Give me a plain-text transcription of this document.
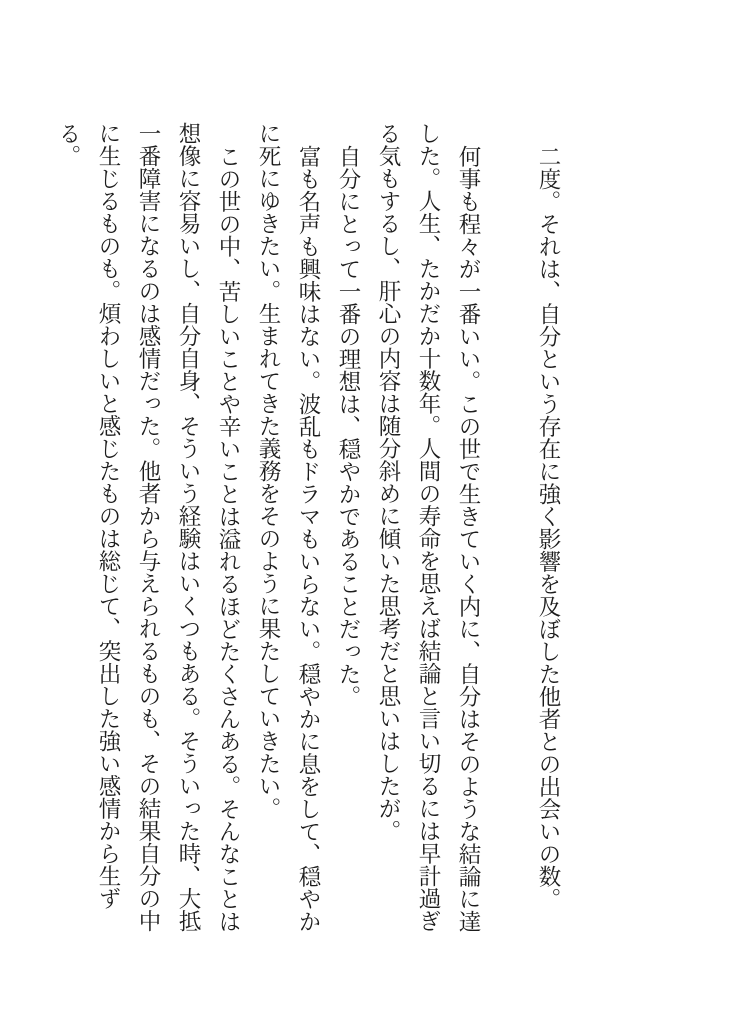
二度。それは、自分という存在に強く影響を及ぼした他者との出会いの数。

何事も程々が一番いい。この世で生きていく内に、自分はそのような結論に達した。人生、たかだか十数年。人間の寿命を思えば結論と言い切るには早計過ぎる気もするし、肝心の内容は随分斜めに傾いた思考だと思いはしたが。

自分にとって一番の理想は、穏やかであることだった。

富も名声も興味はない。波乱もドラマもいらない。穏やかに息をして、穏やかに死にゆきたい。生まれてきた義務をそのように果たしていきたい。

この世の中、苦しいことや辛いことは溢れるほどたくさんある。そんなことは想像に容易いし、自分自身、そういう経験はいくつもある。そういった時、大抵一番障害になるのは感情だった。他者から与えられるものも、その結果自分の中に生じるものも。煩わしいと感じたものは総じて、突出した強い感情から生ずる。
